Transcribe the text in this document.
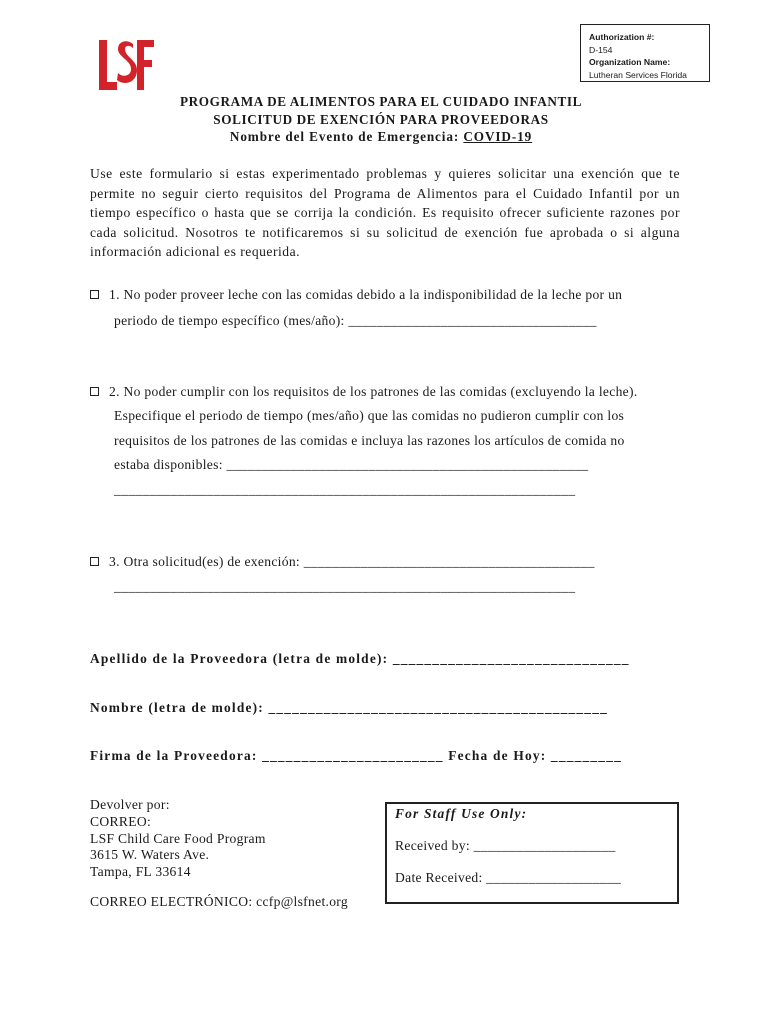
Authorization #:
D-154
Organization Name:
Lutheran Services Florida
PROGRAMA DE ALIMENTOS PARA EL CUIDADO INFANTIL
SOLICITUD DE EXENCIÓN PARA PROVEEDORAS
Nombre del Evento de Emergencia: COVID-19
Use este formulario si estas experimentado problemas y quieres solicitar una exención que te permite no seguir cierto requisitos del Programa de Alimentos para el Cuidado Infantil por un tiempo específico o hasta que se corrija la condición. Es requisito ofrecer suficiente razones por cada solicitud. Nosotros te notificaremos si su solicitud de exención fue aprobada o si alguna información adicional es requerida.
1. No poder proveer leche con las comidas debido a la indisponibilidad de la leche por un
periodo de tiempo específico (mes/año): ___________________________________
2. No poder cumplir con los requisitos de los patrones de las comidas (excluyendo la leche).
Especifique el periodo de tiempo (mes/año) que las comidas no pudieron cumplir con los
requisitos de los patrones de las comidas e incluya las razones los artículos de comida no
estaba disponibles: ___________________________________________________
_________________________________________________________________
3. Otra solicitud(es) de exención: _________________________________________
_________________________________________________________________
Apellido de la Proveedora (letra de molde): ______________________________
Nombre (letra de molde): ___________________________________________
Firma de la Proveedora: _______________________ Fecha de Hoy: _________
Devolver por:
CORREO:
LSF Child Care Food Program
3615 W. Waters Ave.
Tampa, FL 33614
CORREO ELECTRÓNICO: ccfp@lsfnet.org
For Staff Use Only:
Received by: ____________________
Date Received: ___________________
